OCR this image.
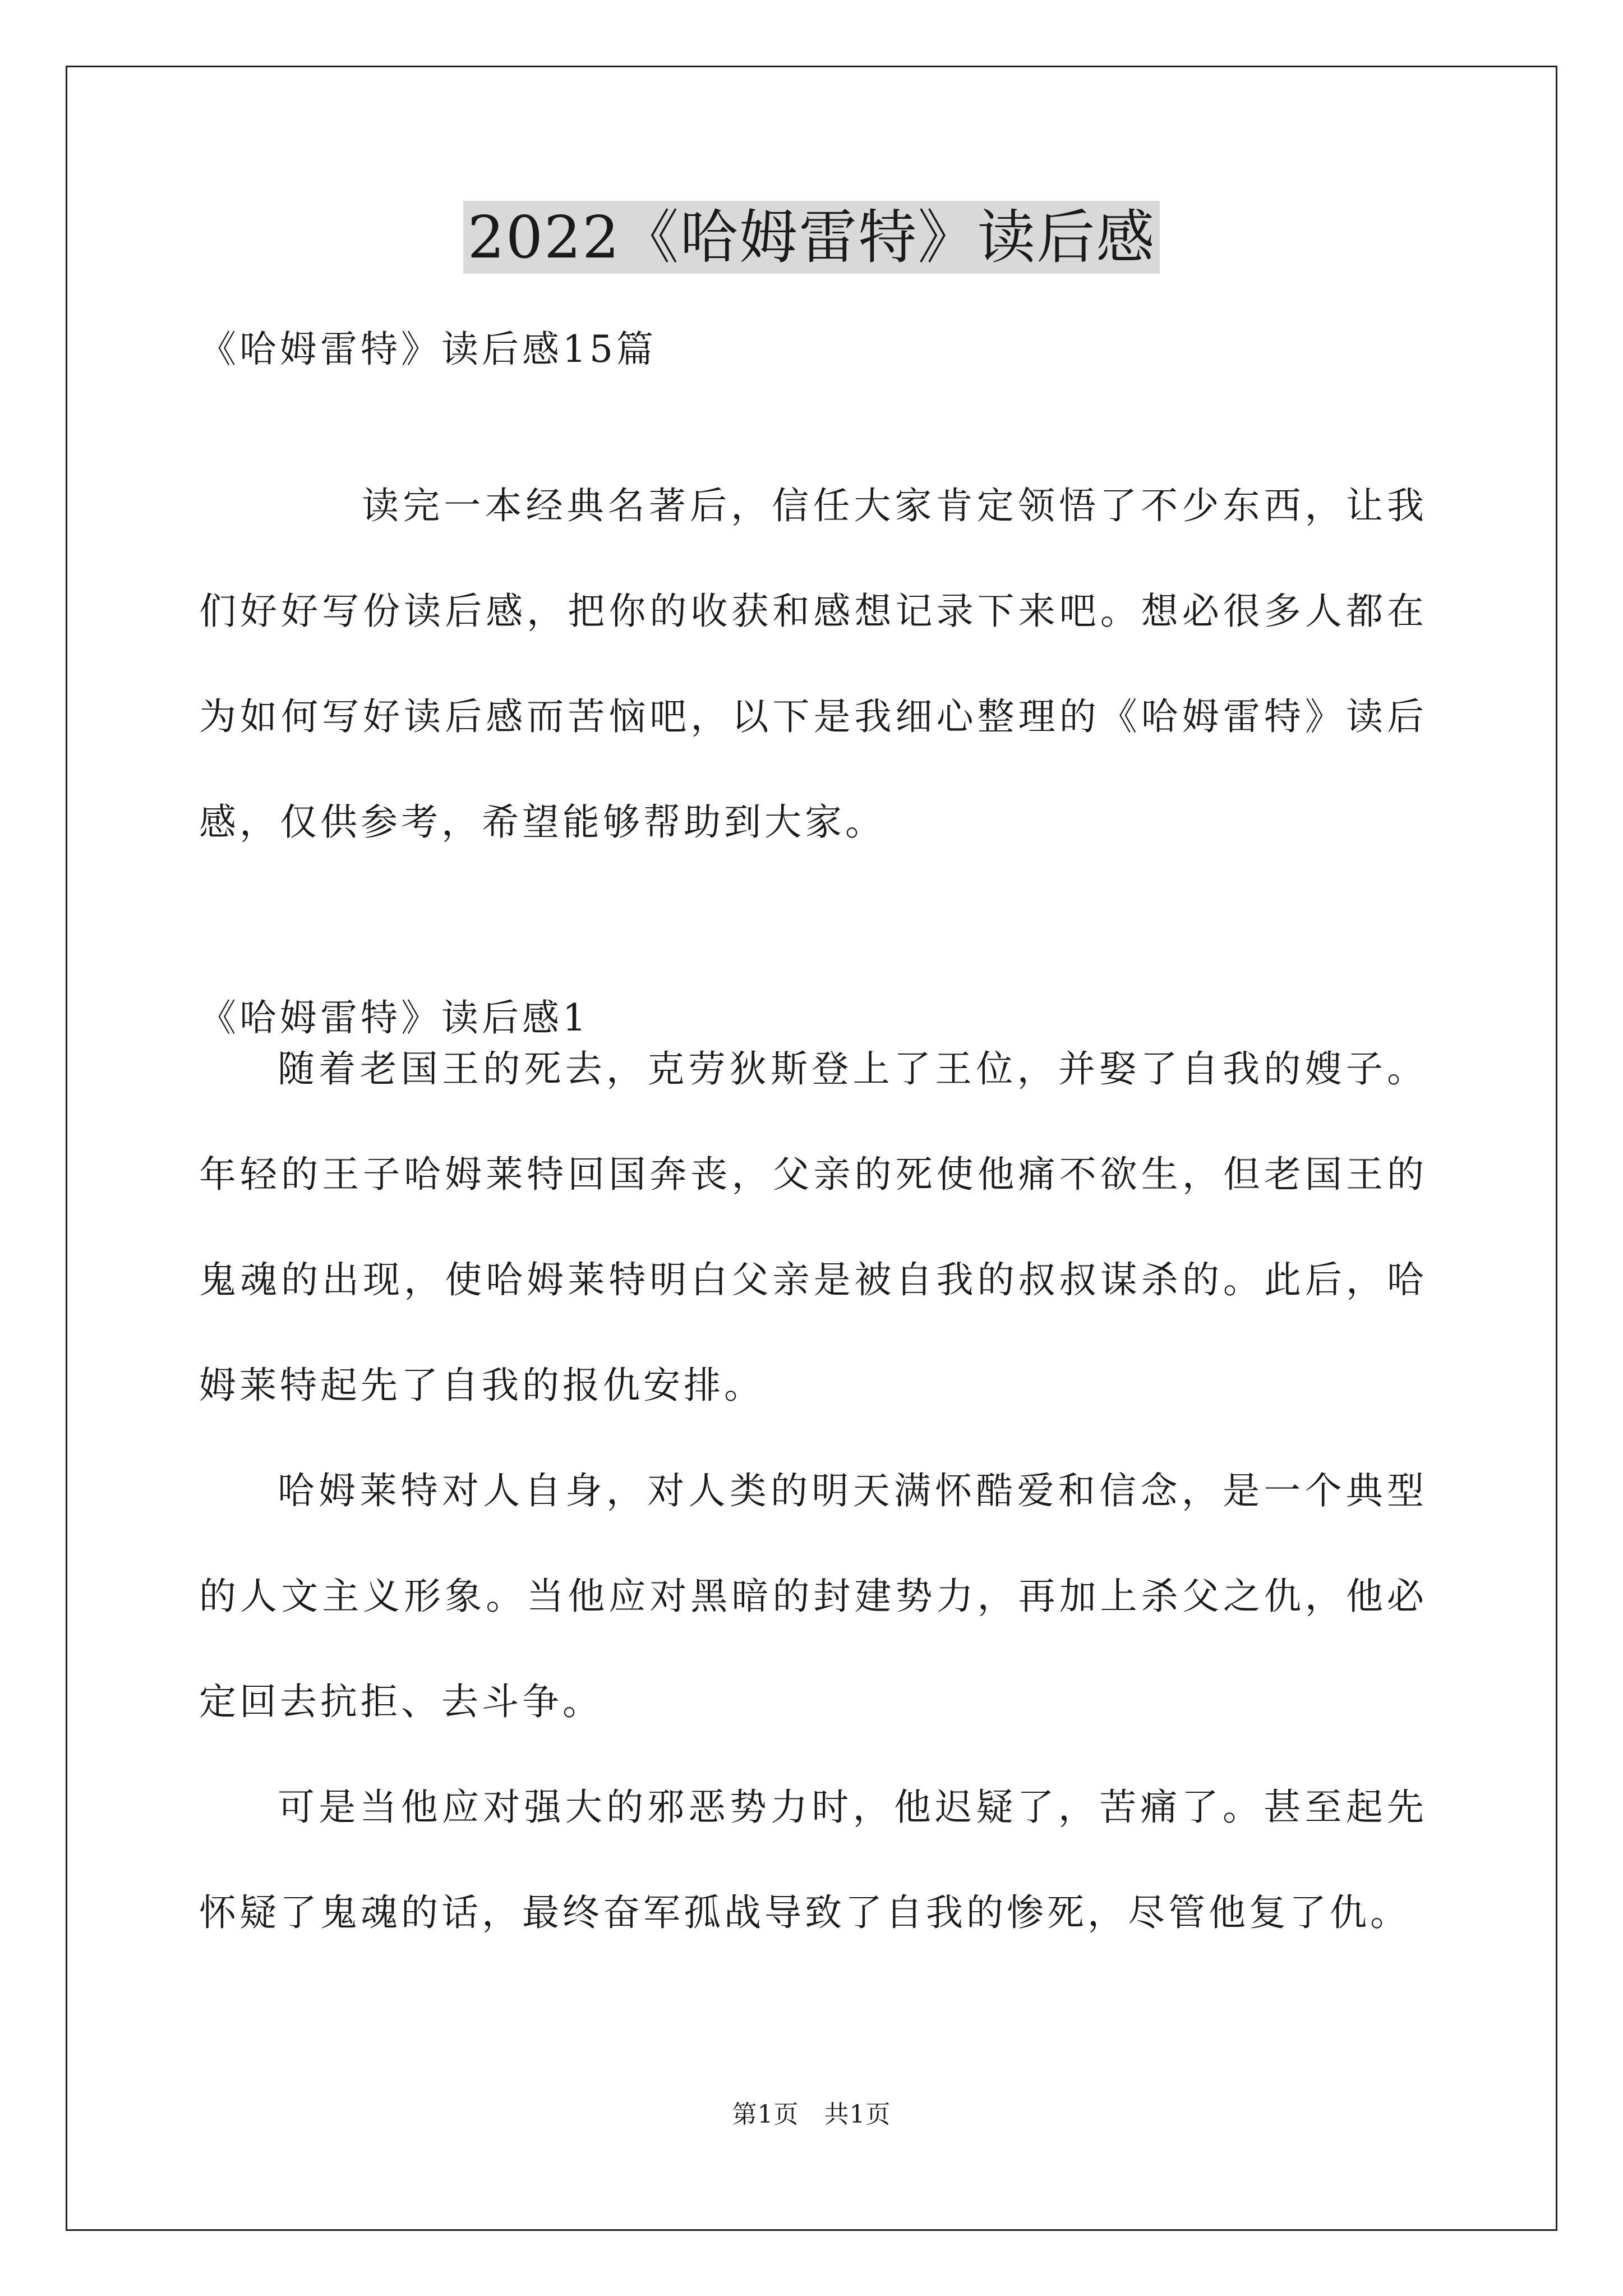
2022《哈姆雷特》读后感
《哈姆雷特》读后感15篇

读完一本经典名著后，信任大家肯定领悟了不少东西，让我们好好写份读后感，把你的收获和感想记录下来吧。想必很多人都在为如何写好读后感而苦恼吧，以下是我细心整理的《哈姆雷特》读后感，仅供参考，希望能够帮助到大家。

《哈姆雷特》读后感1

随着老国王的死去，克劳狄斯登上了王位，并娶了自我的嫂子。年轻的王子哈姆莱特回国奔丧，父亲的死使他痛不欲生，但老国王的鬼魂的出现，使哈姆莱特明白父亲是被自我的叔叔谋杀的。此后，哈姆莱特起先了自我的报仇安排。

哈姆莱特对人自身，对人类的明天满怀酷爱和信念，是一个典型的人文主义形象。当他应对黑暗的封建势力，再加上杀父之仇，他必定回去抗拒、去斗争。

可是当他应对强大的邪恶势力时，他迟疑了，苦痛了。甚至起先怀疑了鬼魂的话，最终奋军孤战导致了自我的惨死，尽管他复了仇。

第1页　共1页
